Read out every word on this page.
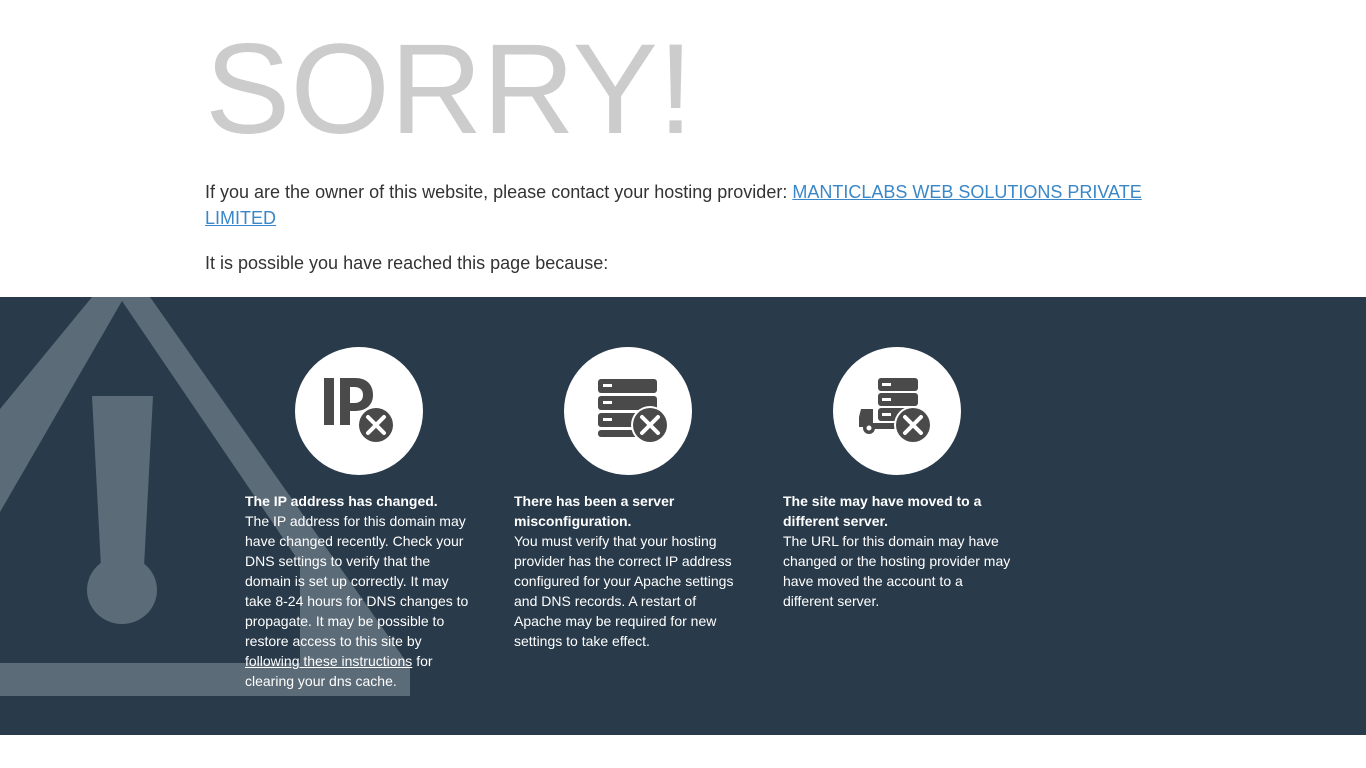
SORRY!

If you are the owner of this website, please contact your hosting provider: MANTICLABS WEB SOLUTIONS PRIVATE LIMITED

It is possible you have reached this page because:

The IP address has changed.
The IP address for this domain may have changed recently. Check your DNS settings to verify that the domain is set up correctly. It may take 8-24 hours for DNS changes to propagate. It may be possible to restore access to this site by following these instructions for clearing your dns cache.
There has been a server misconfiguration.
You must verify that your hosting provider has the correct IP address configured for your Apache settings and DNS records. A restart of Apache may be required for new settings to take effect.
The site may have moved to a different server.
The URL for this domain may have changed or the hosting provider may have moved the account to a different server.
